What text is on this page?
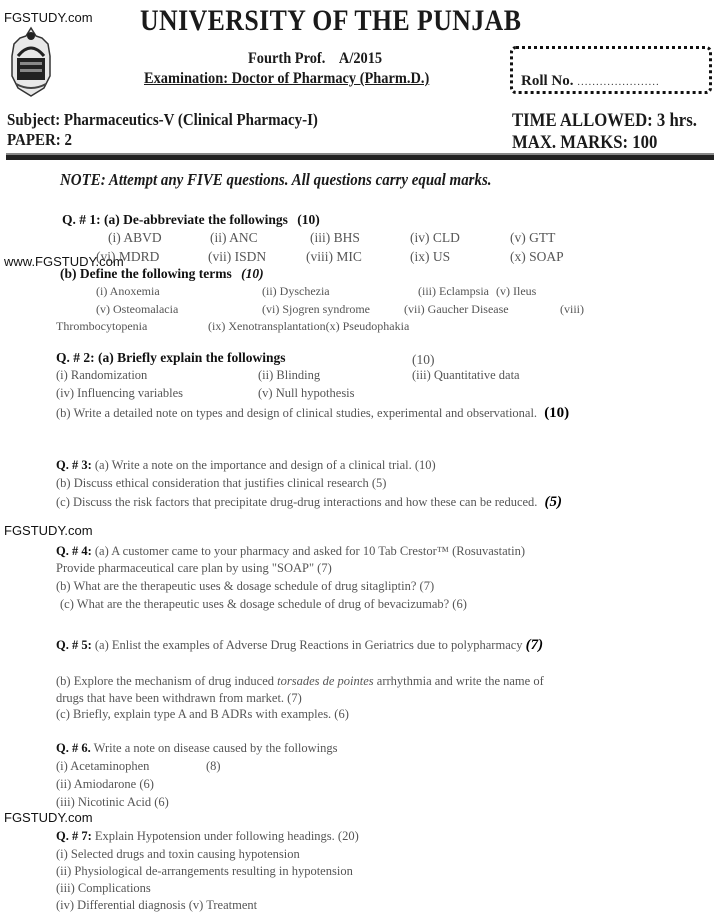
FGSTUDY.com
www.FGSTUDY.com
FGSTUDY.com
FGSTUDY.com
UNIVERSITY OF THE PUNJAB
Fourth Prof.    A/2015
Examination: Doctor of Pharmacy (Pharm.D.)	Roll No. ......................
Subject: Pharmaceutics-V (Clinical Pharmacy-I)
PAPER: 2
TIME ALLOWED: 3 hrs.
MAX. MARKS: 100
NOTE: Attempt any FIVE questions. All questions carry equal marks.
Q. # 1: (a) De-abbreviate the followings (10)
(i) ABVD	(ii) ANC	(iii) BHS	(iv) CLD	(v) GTT
(vi) MDRD	(vii) ISDN	(viii) MIC	(ix) US	(x) SOAP
(b) Define the following terms (10)
(i) Anoxemia	(ii) Dyschezia	(iii) Eclampsia (v) Ileus
(v) Osteomalacia	(vi) Sjogren syndrome	(vii) Gaucher Disease	(viii)
Thrombocytopenia	(ix) Xenotransplantation(x) Pseudophakia
Q. # 2: (a) Briefly explain the followings	(10)
(i) Randomization	(ii) Blinding	(iii) Quantitative data
(iv) Influencing variables	(v) Null hypothesis
(b) Write a detailed note on types and design of clinical studies, experimental and observational. (10)
Q. # 3: (a) Write a note on the importance and design of a clinical trial. (10)
(b) Discuss ethical consideration that justifies clinical research (5)
(c) Discuss the risk factors that precipitate drug-drug interactions and how these can be reduced. (5)
Q. # 4: (a) A customer came to your pharmacy and asked for 10 Tab Crestor™ (Rosuvastatin)
Provide pharmaceutical care plan by using "SOAP" (7)
(b) What are the therapeutic uses & dosage schedule of drug sitagliptin? (7)
(c) What are the therapeutic uses & dosage schedule of drug of bevacizumab? (6)
Q. # 5: (a) Enlist the examples of Adverse Drug Reactions in Geriatrics due to polypharmacy (7)
(b) Explore the mechanism of drug induced torsades de pointes arrhythmia and write the name of
drugs that have been withdrawn from market. (7)
(c) Briefly, explain type A and B ADRs with examples. (6)
Q. # 6. Write a note on disease caused by the followings
(i) Acetaminophen	(8)
(ii) Amiodarone (6)
(iii) Nicotinic Acid (6)
Q. # 7: Explain Hypotension under following headings. (20)
(i) Selected drugs and toxin causing hypotension
(ii) Physiological de-arrangements resulting in hypotension
(iii) Complications
(iv) Differential diagnosis (v) Treatment
